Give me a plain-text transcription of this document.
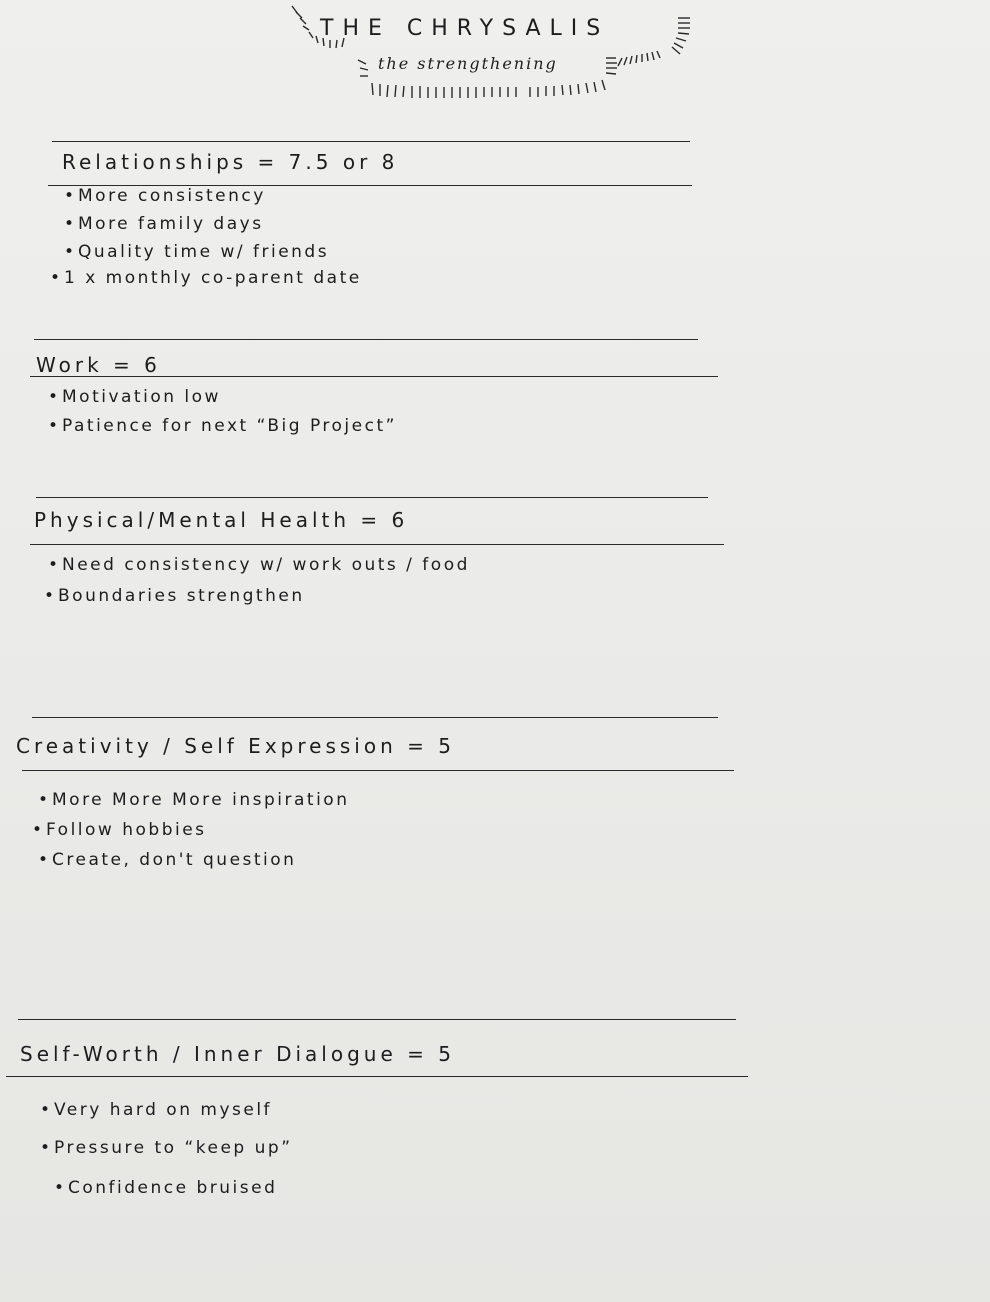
THE CHRYSALIS
the strengthening
Relationships = 7.5 or 8
• More consistency
• More family days
• Quality time w/ friends
• 1 x monthly co-parent date
Work = 6
• Motivation low
• Patience for next “Big Project”
Physical/Mental Health = 6
• Need consistency w/ work outs / food
• Boundaries strengthen
Creativity / Self Expression = 5
• More More More inspiration
• Follow hobbies
• Create, don't question
Self-Worth / Inner Dialogue = 5
• Very hard on myself
• Pressure to “keep up”
• Confidence bruised
